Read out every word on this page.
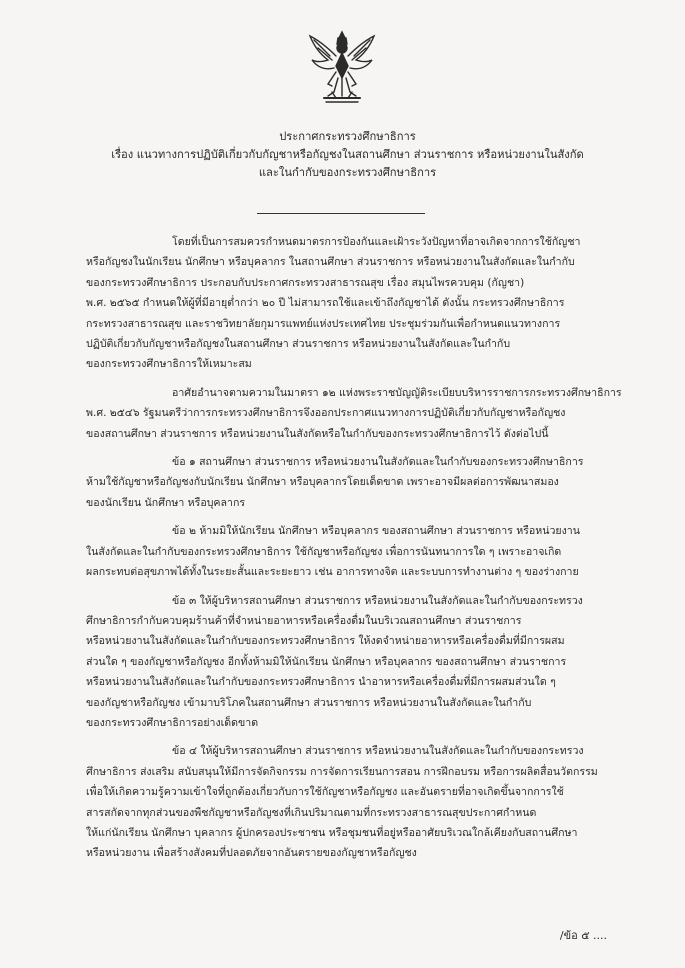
ประกาศกระทรวงศึกษาธิการ
เรื่อง แนวทางการปฏิบัติเกี่ยวกับกัญชาหรือกัญชงในสถานศึกษา ส่วนราชการ หรือหน่วยงานในสังกัด
และในกำกับของกระทรวงศึกษาธิการ
โดยที่เป็นการสมควรกำหนดมาตรการป้องกันและเฝ้าระวังปัญหาที่อาจเกิดจากการใช้กัญชา
หรือกัญชงในนักเรียน นักศึกษา หรือบุคลากร ในสถานศึกษา ส่วนราชการ หรือหน่วยงานในสังกัดและในกำกับ
ของกระทรวงศึกษาธิการ ประกอบกับประกาศกระทรวงสาธารณสุข เรื่อง สมุนไพรควบคุม (กัญชา)
พ.ศ. ๒๕๖๕ กำหนดให้ผู้ที่มีอายุต่ำกว่า ๒๐ ปี ไม่สามารถใช้และเข้าถึงกัญชาได้ ดังนั้น กระทรวงศึกษาธิการ
กระทรวงสาธารณสุข และราชวิทยาลัยกุมารแพทย์แห่งประเทศไทย ประชุมร่วมกันเพื่อกำหนดแนวทางการ
ปฏิบัติเกี่ยวกับกัญชาหรือกัญชงในสถานศึกษา ส่วนราชการ หรือหน่วยงานในสังกัดและในกำกับ
ของกระทรวงศึกษาธิการให้เหมาะสม
อาศัยอำนาจตามความในมาตรา ๑๒ แห่งพระราชบัญญัติระเบียบบริหารราชการกระทรวงศึกษาธิการ
พ.ศ. ๒๕๔๖ รัฐมนตรีว่าการกระทรวงศึกษาธิการจึงออกประกาศแนวทางการปฏิบัติเกี่ยวกับกัญชาหรือกัญชง
ของสถานศึกษา ส่วนราชการ หรือหน่วยงานในสังกัดหรือในกำกับของกระทรวงศึกษาธิการไว้ ดังต่อไปนี้
ข้อ ๑ สถานศึกษา ส่วนราชการ หรือหน่วยงานในสังกัดและในกำกับของกระทรวงศึกษาธิการ
ห้ามใช้กัญชาหรือกัญชงกับนักเรียน นักศึกษา หรือบุคลากรโดยเด็ดขาด เพราะอาจมีผลต่อการพัฒนาสมอง
ของนักเรียน นักศึกษา หรือบุคลากร
ข้อ ๒ ห้ามมิให้นักเรียน นักศึกษา หรือบุคลากร ของสถานศึกษา ส่วนราชการ หรือหน่วยงาน
ในสังกัดและในกำกับของกระทรวงศึกษาธิการ ใช้กัญชาหรือกัญชง เพื่อการนันทนาการใด ๆ เพราะอาจเกิด
ผลกระทบต่อสุขภาพได้ทั้งในระยะสั้นและระยะยาว เช่น อาการทางจิต และระบบการทำงานต่าง ๆ ของร่างกาย
ข้อ ๓ ให้ผู้บริหารสถานศึกษา ส่วนราชการ หรือหน่วยงานในสังกัดและในกำกับของกระทรวง
ศึกษาธิการกำกับควบคุมร้านค้าที่จำหน่ายอาหารหรือเครื่องดื่มในบริเวณสถานศึกษา ส่วนราชการ
หรือหน่วยงานในสังกัดและในกำกับของกระทรวงศึกษาธิการ ให้งดจำหน่ายอาหารหรือเครื่องดื่มที่มีการผสม
ส่วนใด ๆ ของกัญชาหรือกัญชง อีกทั้งห้ามมิให้นักเรียน นักศึกษา หรือบุคลากร ของสถานศึกษา ส่วนราชการ
หรือหน่วยงานในสังกัดและในกำกับของกระทรวงศึกษาธิการ นำอาหารหรือเครื่องดื่มที่มีการผสมส่วนใด ๆ
ของกัญชาหรือกัญชง เข้ามาบริโภคในสถานศึกษา ส่วนราชการ หรือหน่วยงานในสังกัดและในกำกับ
ของกระทรวงศึกษาธิการอย่างเด็ดขาด
ข้อ ๔ ให้ผู้บริหารสถานศึกษา ส่วนราชการ หรือหน่วยงานในสังกัดและในกำกับของกระทรวง
ศึกษาธิการ ส่งเสริม สนับสนุนให้มีการจัดกิจกรรม การจัดการเรียนการสอน การฝึกอบรม หรือการผลิตสื่อนวัตกรรม
เพื่อให้เกิดความรู้ความเข้าใจที่ถูกต้องเกี่ยวกับการใช้กัญชาหรือกัญชง และอันตรายที่อาจเกิดขึ้นจากการใช้
สารสกัดจากทุกส่วนของพืชกัญชาหรือกัญชงที่เกินปริมาณตามที่กระทรวงสาธารณสุขประกาศกำหนด
ให้แก่นักเรียน นักศึกษา บุคลากร ผู้ปกครองประชาชน หรือชุมชนที่อยู่หรืออาศัยบริเวณใกล้เคียงกับสถานศึกษา
หรือหน่วยงาน เพื่อสร้างสังคมที่ปลอดภัยจากอันตรายของกัญชาหรือกัญชง
/ข้อ ๕ ....
